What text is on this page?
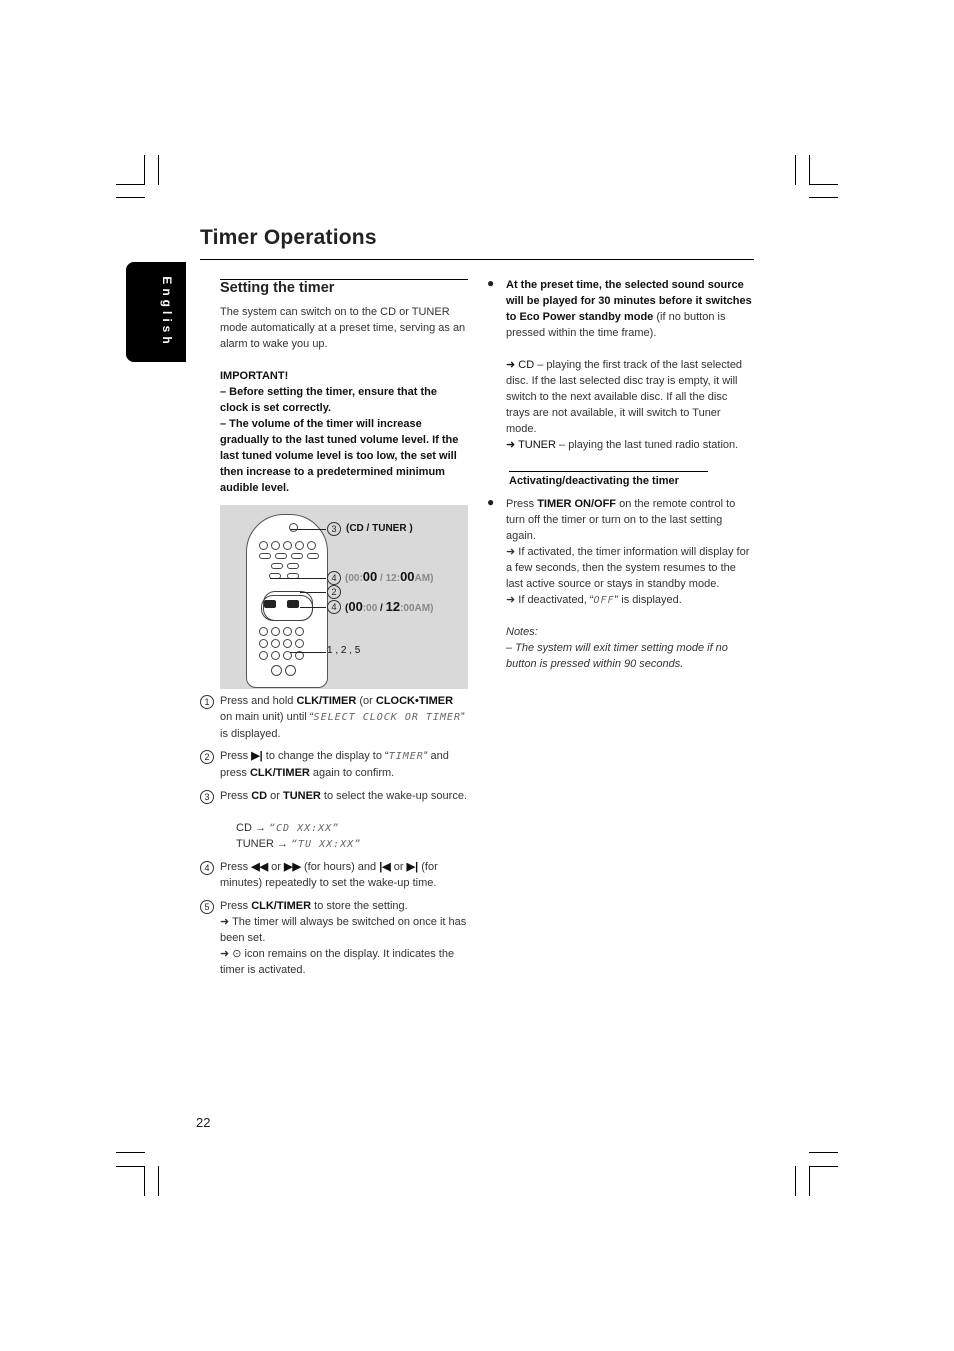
Timer Operations
English	Setting the timer
The system can switch on to the CD or TUNER mode automatically at a preset time, serving as an alarm to wake you up.
IMPORTANT!
– Before setting the timer, ensure that the clock is set correctly.
– The volume of the timer will increase gradually to the last tuned volume level. If the last tuned volume level is too low, the set will then increase to a predetermined minimum audible level.
3 (CD / TUNER )
4 (00:00 / 12:00AM)
2
4 (00:00 / 12:00AM)
1 , 2 , 5
1 Press and hold CLK/TIMER (or CLOCK•TIMER on main unit) until “SELECT CLOCK OR TIMER” is displayed.
2 Press ▶| to change the display to “TIMER” and press CLK/TIMER again to confirm.
3 Press CD or TUNER to select the wake-up source.
CD → “CD XX:XX”
TUNER → “TU XX:XX”
4 Press ◀◀ or ▶▶ (for hours) and |◀ or ▶| (for minutes) repeatedly to set the wake-up time.
5 Press CLK/TIMER to store the setting.
➜ The timer will always be switched on once it has been set.
➜ ⊙ icon remains on the display. It indicates the timer is activated.
● At the preset time, the selected sound source will be played for 30 minutes before it switches to Eco Power standby mode (if no button is pressed within the time frame).
➜ CD – playing the first track of the last selected disc. If the last selected disc tray is empty, it will switch to the next available disc. If all the disc trays are not available, it will switch to Tuner mode.
➜ TUNER – playing the last tuned radio station.
Activating/deactivating the timer
● Press TIMER ON/OFF on the remote control to turn off the timer or turn on to the last setting again.
➜ If activated, the timer information will display for a few seconds, then the system resumes to the last active source or stays in standby mode.
➜ If deactivated, “OFF” is displayed.
Notes:
– The system will exit timer setting mode if no button is pressed within 90 seconds.
22
